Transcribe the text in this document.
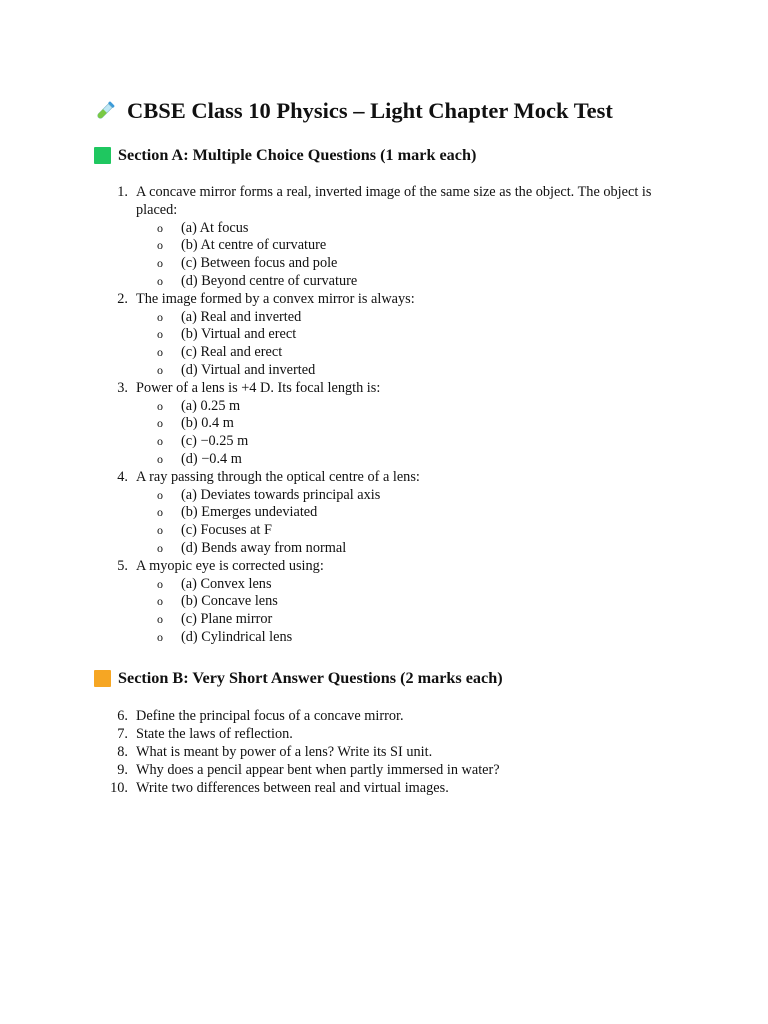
CBSE Class 10 Physics – Light Chapter Mock Test
Section A: Multiple Choice Questions (1 mark each)
1. A concave mirror forms a real, inverted image of the same size as the object. The object is placed:
o (a) At focus
o (b) At centre of curvature
o (c) Between focus and pole
o (d) Beyond centre of curvature
2. The image formed by a convex mirror is always:
o (a) Real and inverted
o (b) Virtual and erect
o (c) Real and erect
o (d) Virtual and inverted
3. Power of a lens is +4 D. Its focal length is:
o (a) 0.25 m
o (b) 0.4 m
o (c) −0.25 m
o (d) −0.4 m
4. A ray passing through the optical centre of a lens:
o (a) Deviates towards principal axis
o (b) Emerges undeviated
o (c) Focuses at F
o (d) Bends away from normal
5. A myopic eye is corrected using:
o (a) Convex lens
o (b) Concave lens
o (c) Plane mirror
o (d) Cylindrical lens
Section B: Very Short Answer Questions (2 marks each)
6. Define the principal focus of a concave mirror.
7. State the laws of reflection.
8. What is meant by power of a lens? Write its SI unit.
9. Why does a pencil appear bent when partly immersed in water?
10. Write two differences between real and virtual images.
